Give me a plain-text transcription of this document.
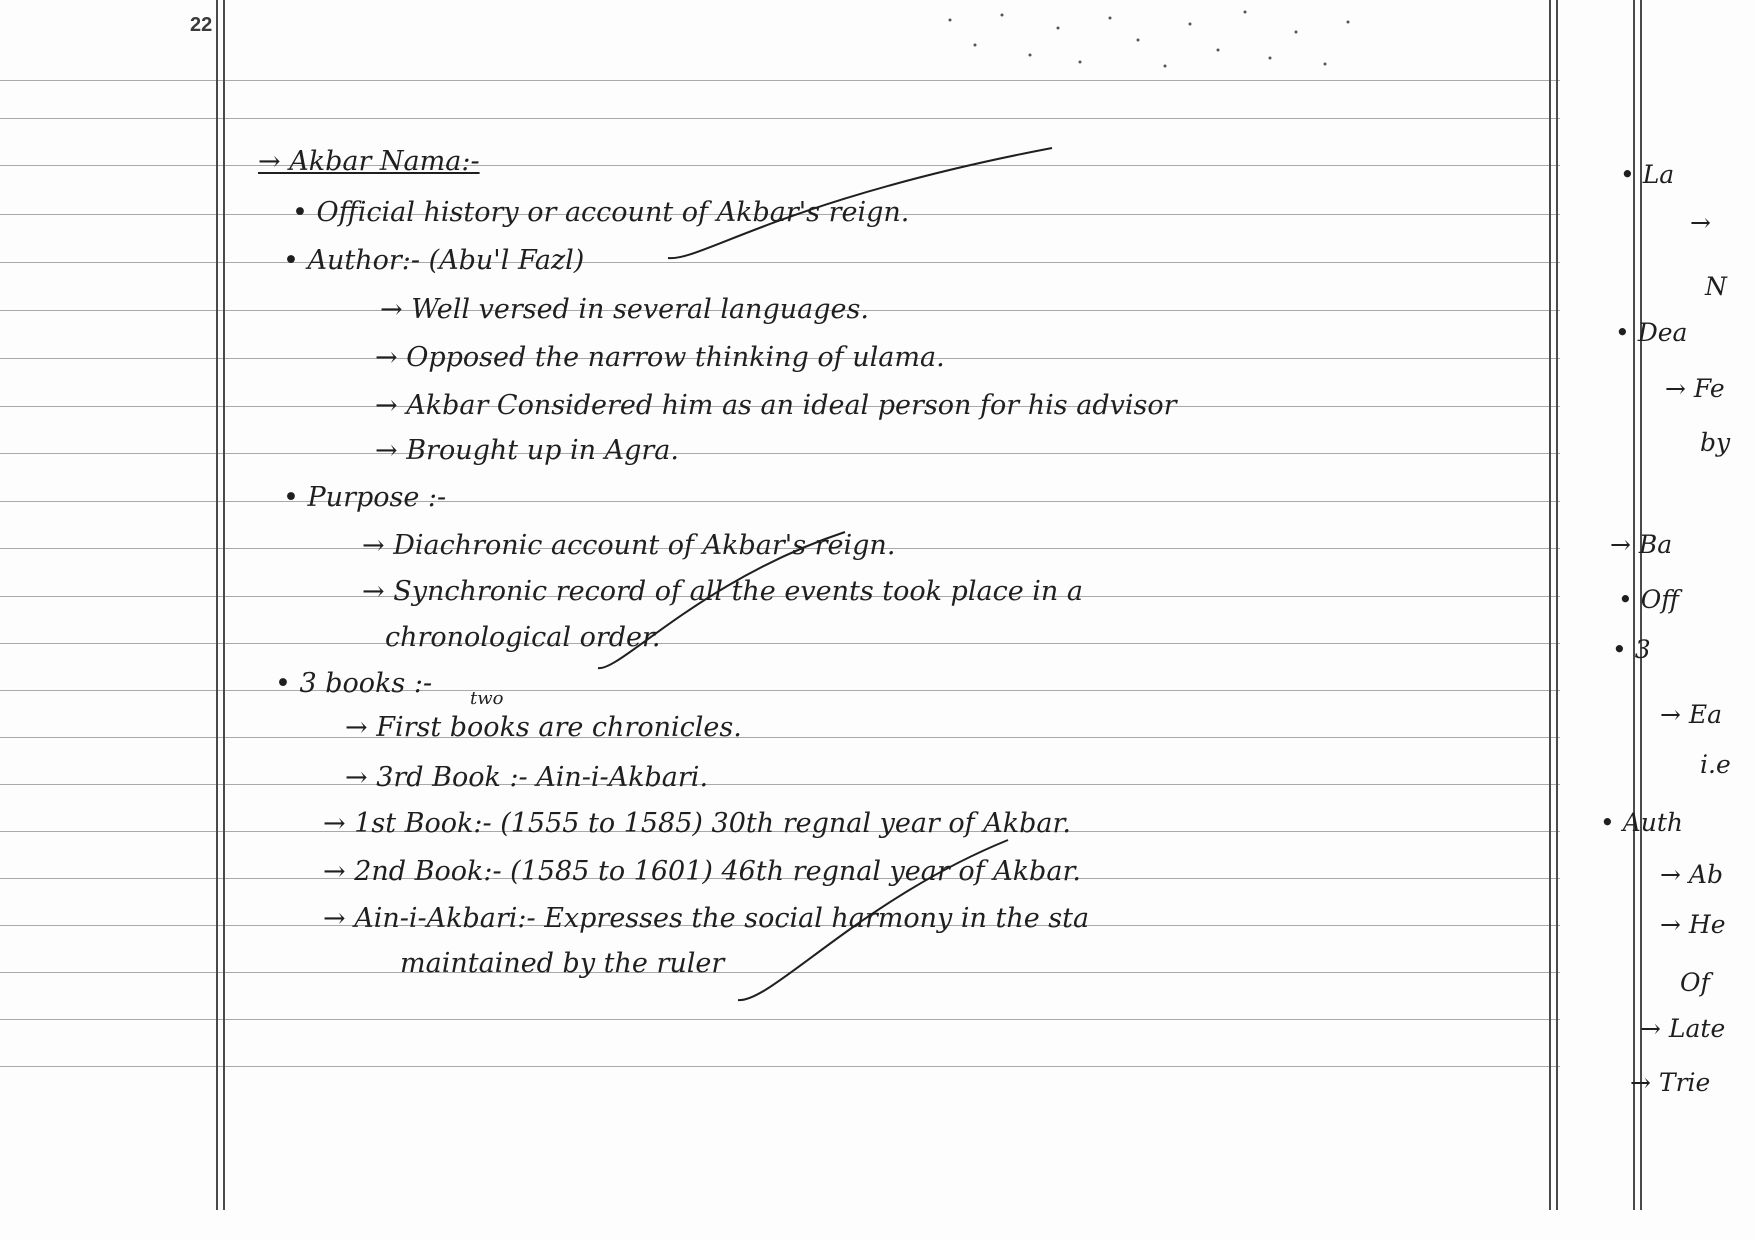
22
→ Akbar Nama:-
• Official history or account of Akbar's reign.
• Author:- (Abu'l Fazl)
→ Well versed in several languages.
→ Opposed the narrow thinking of ulama.
→ Akbar Considered him as an ideal person for his advisor
→ Brought up in Agra.
• Purpose :-
→ Diachronic account of Akbar's reign.
→ Synchronic record of all the events took place in a
chronological order.
• 3 books :- two
→ First books are chronicles.
→ 3rd Book :- Ain-i-Akbari.
→ 1st Book:- (1555 to 1585) 30th regnal year of Akbar.
→ 2nd Book:- (1585 to 1601) 46th regnal year of Akbar.
→ Ain-i-Akbari:- Expresses the social harmony in the sta
maintained by the ruler
• La
→
N
• Dea
→ Fe
by
→ Ba
• Off
• 3
→ Ea
i.e
• Auth
→ Ab
→ He
Of
→ Late
→ Trie
